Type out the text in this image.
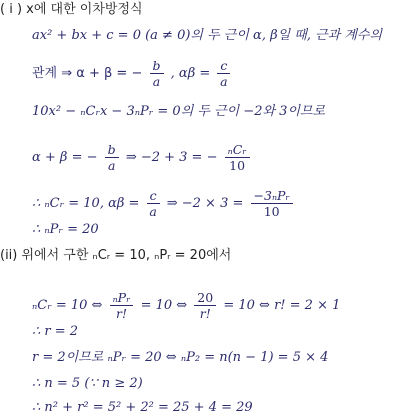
( i ) x에 대한 이차방정식
ax² + bx + c = 0 (a ≠ 0)의 두 근이 α, β일 때, 근과 계수의
관계 ⇒ α + β = − $\frac{b}{a}$ , $\alpha\beta = \frac{c}{a}$
10x² − ₙCᵣx − 3ₙPᵣ = 0의 두 근이 −2와 3이므로
α + β = − $\frac{b}{a}$ ⇒ −2 + 3 = − $\frac{\text{ₙCᵣ}}{10}$
∴ ₙCᵣ = 10, $\alpha\beta = \frac{c}{a}$ ⇒ $-2 \times 3 = \frac{\text{−3ₙPᵣ}}{10}$
∴ ₙPᵣ = 20
(ii) 위에서 구한 ₙCᵣ = 10, ₙPᵣ = 20에서
ₙCᵣ = 10 ⇔ $\frac{\text{ₙPᵣ}}{r!} = 10$ ⇔ $\frac{20}{r!} = 10$ ⇔ r! = 2 × 1
∴ r = 2
r = 2이므로 ₙPᵣ = 20 ⇔ ₙP₂ = n(n − 1) = 5 × 4
∴ n = 5 (∵ n ≥ 2)
∴ n² + r² = 5² + 2² = 25 + 4 = 29
